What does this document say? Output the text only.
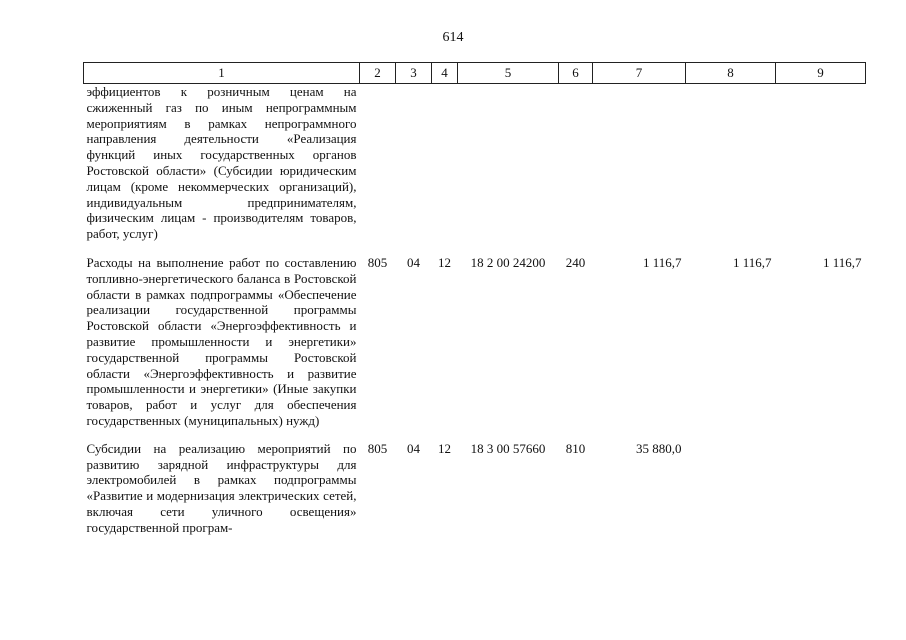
614
1	2	3	4	5	6	7	8	9
эффициентов к розничным ценам на сжиженный газ по иным непрограммным мероприятиям в рамках непрограммного направления деятельности «Реализация функций иных государственных органов Ростовской области» (Субсидии юридическим лицам (кроме некоммерческих организаций), индивидуальным предпринимателям, физическим лицам - производителям товаров, работ, услуг)								
Расходы на выполнение работ по составлению топливно-энергетического баланса в Ростовской области в рамках подпрограммы «Обеспечение реализации государственной программы Ростовской области «Энергоэффективность и развитие промышленности и энергетики» государственной программы Ростовской области «Энергоэффективность и развитие промышленности и энергетики» (Иные закупки товаров, работ и услуг для обеспечения государственных (муниципальных) нужд)	805	04	12	18 2 00 24200	240	1 116,7	1 116,7	1 116,7
Субсидии на реализацию мероприятий по развитию зарядной инфраструктуры для электромобилей в рамках подпрограммы «Развитие и модернизация электрических сетей, включая сети уличного освещения» государственной програм-	805	04	12	18 3 00 57660	810	35 880,0		
